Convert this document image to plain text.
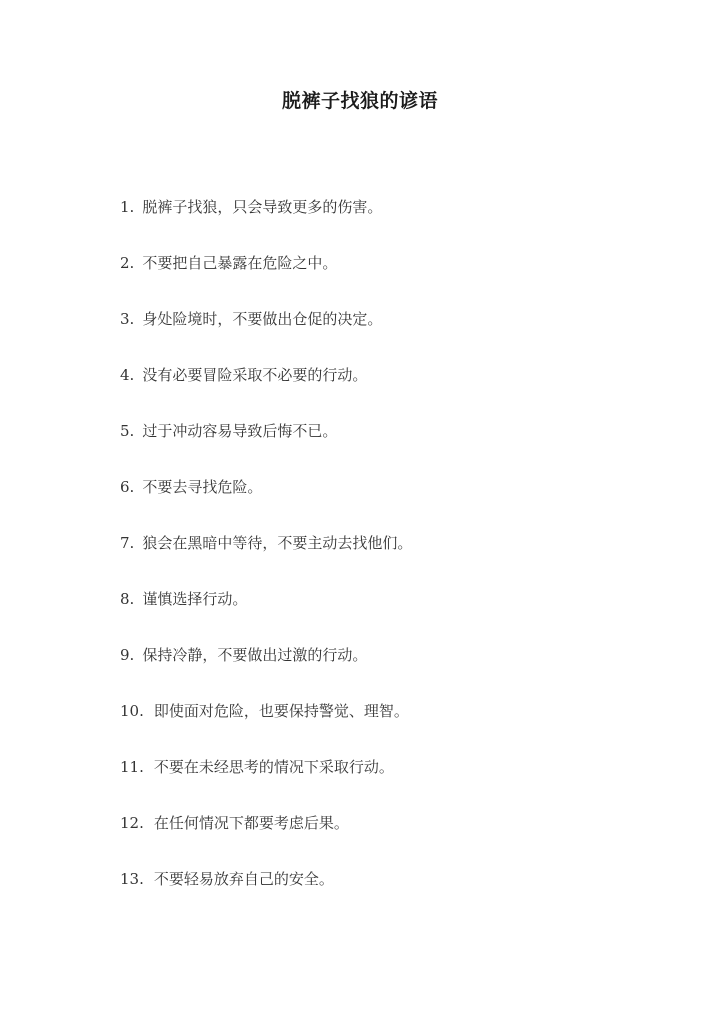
脱裤子找狼的谚语
1. 脱裤子找狼，只会导致更多的伤害。
2. 不要把自己暴露在危险之中。
3. 身处险境时，不要做出仓促的决定。
4. 没有必要冒险采取不必要的行动。
5. 过于冲动容易导致后悔不已。
6. 不要去寻找危险。
7. 狼会在黑暗中等待，不要主动去找他们。
8. 谨慎选择行动。
9. 保持冷静，不要做出过激的行动。
10. 即使面对危险，也要保持警觉、理智。
11. 不要在未经思考的情况下采取行动。
12. 在任何情况下都要考虑后果。
13. 不要轻易放弃自己的安全。
